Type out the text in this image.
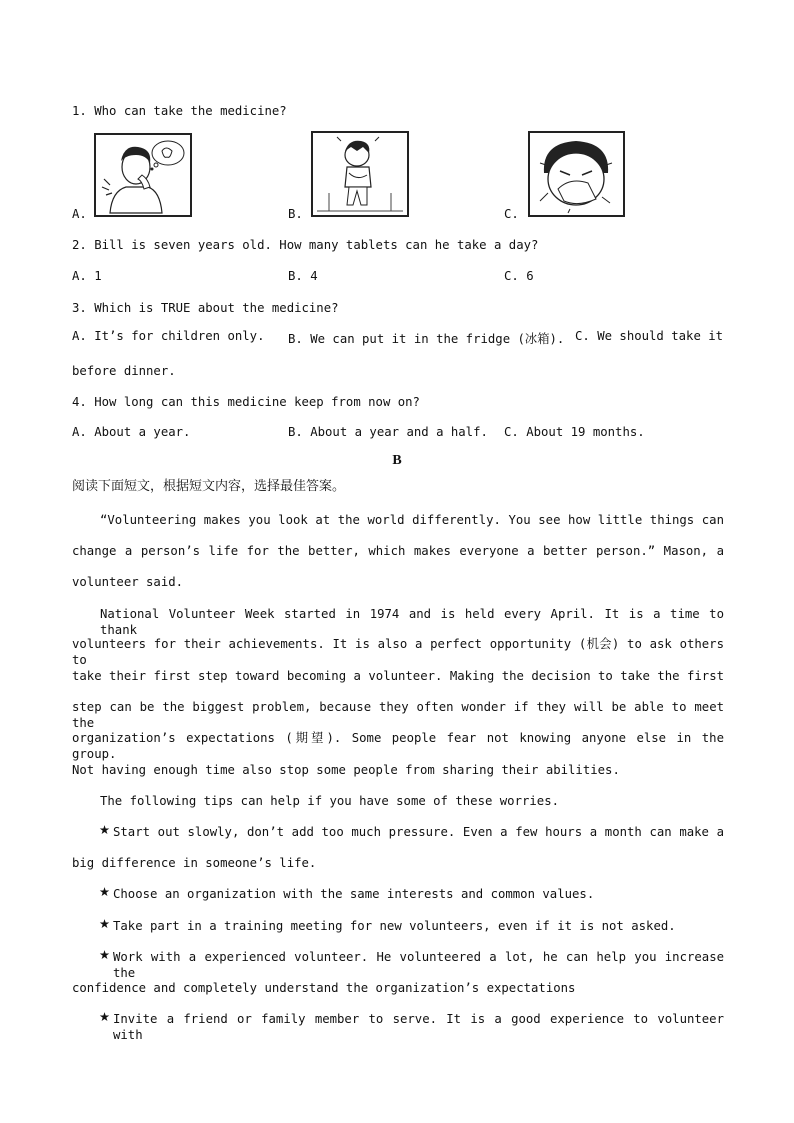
1. Who can take the medicine?
A.	B.	C.
2. Bill is seven years old. How many tablets can he take a day?
A. 1	B. 4	C. 6
3. Which is TRUE about the medicine?
A. It’s for children only. B. We can put it in the fridge (冰箱). C. We should take it
before dinner.
4. How long can this medicine keep from now on?
A. About a year.	B. About a year and a half. C. About 19 months.
B
阅读下面短文，根据短文内容，选择最佳答案。
“Volunteering makes you look at the world differently. You see how little things can
change a person’s life for the better, which makes everyone a better person.” Mason, a
volunteer said.
National Volunteer Week started in 1974 and is held every April. It is a time to thank
volunteers for their achievements. It is also a perfect opportunity (机会) to ask others to
take their first step toward becoming a volunteer. Making the decision to take the first
step can be the biggest problem, because they often wonder if they will be able to meet the
organization’s expectations (期望). Some people fear not knowing anyone else in the group.
Not having enough time also stop some people from sharing their abilities.
The following tips can help if you have some of these worries.
★ Start out slowly, don’t add too much pressure. Even a few hours a month can make a
big difference in someone’s life.
★ Choose an organization with the same interests and common values.
★ Take part in a training meeting for new volunteers, even if it is not asked.
★ Work with a experienced volunteer. He volunteered a lot, he can help you increase the
confidence and completely understand the organization’s expectations
★ Invite a friend or family member to serve. It is a good experience to volunteer with
